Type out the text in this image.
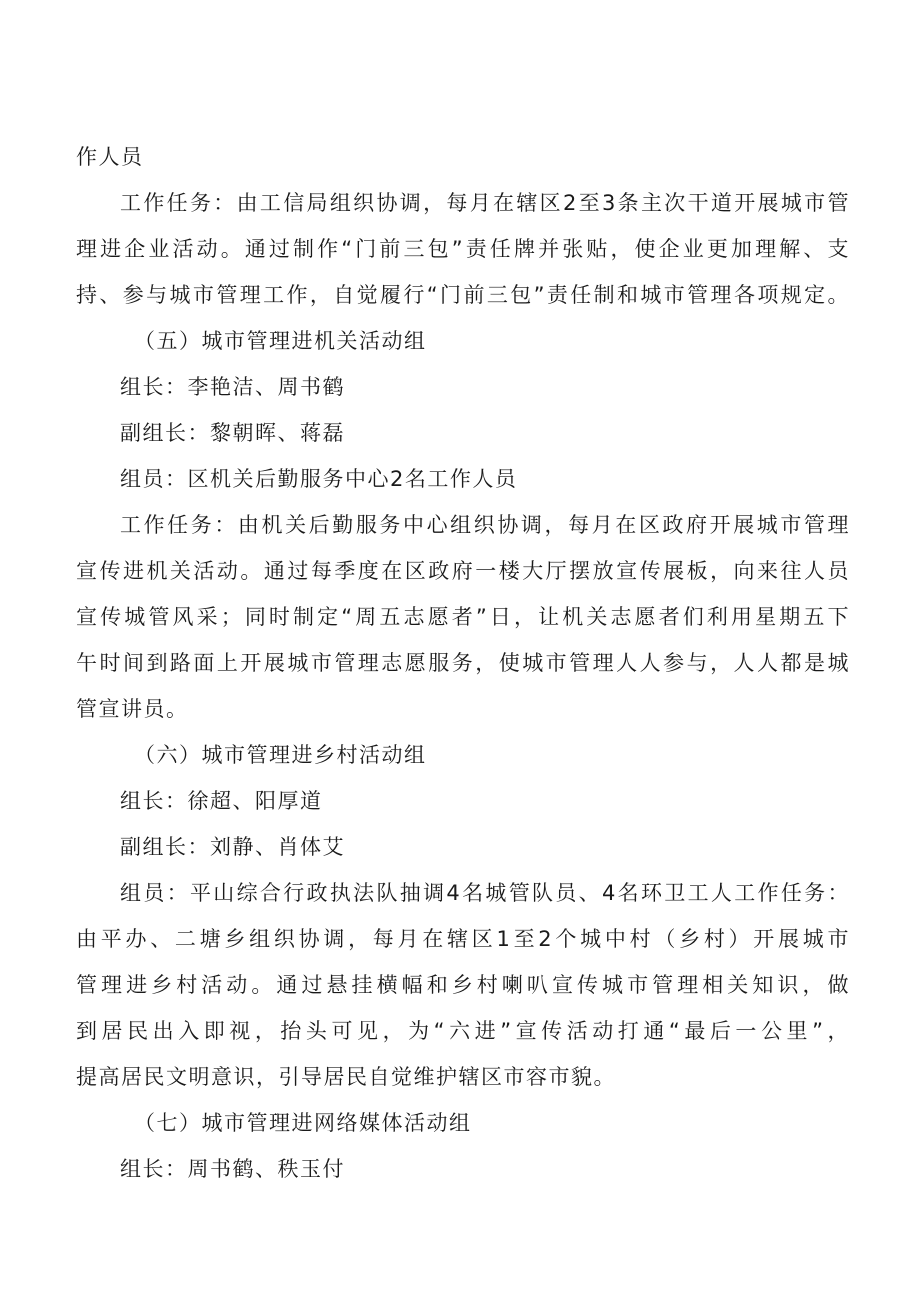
作人员
工作任务：由工信局组织协调，每月在辖区2至3条主次干道开展城市管
理进企业活动。通过制作“门前三包”责任牌并张贴，使企业更加理解、支
持、参与城市管理工作，自觉履行“门前三包”责任制和城市管理各项规定。
（五）城市管理进机关活动组
组长：李艳洁、周书鹤
副组长：黎朝晖、蒋磊
组员：区机关后勤服务中心2名工作人员
工作任务：由机关后勤服务中心组织协调，每月在区政府开展城市管理
宣传进机关活动。通过每季度在区政府一楼大厅摆放宣传展板，向来往人员
宣传城管风采；同时制定“周五志愿者”日，让机关志愿者们利用星期五下
午时间到路面上开展城市管理志愿服务，使城市管理人人参与，人人都是城
管宣讲员。
（六）城市管理进乡村活动组
组长：徐超、阳厚道
副组长：刘静、肖体艾
组员：平山综合行政执法队抽调4名城管队员、4名环卫工人工作任务：
由平办、二塘乡组织协调，每月在辖区1至2个城中村（乡村）开展城市
管理进乡村活动。通过悬挂横幅和乡村喇叭宣传城市管理相关知识，做
到居民出入即视，抬头可见，为“六进”宣传活动打通“最后一公里”，
提高居民文明意识，引导居民自觉维护辖区市容市貌。
（七）城市管理进网络媒体活动组
组长：周书鹤、秩玉付
